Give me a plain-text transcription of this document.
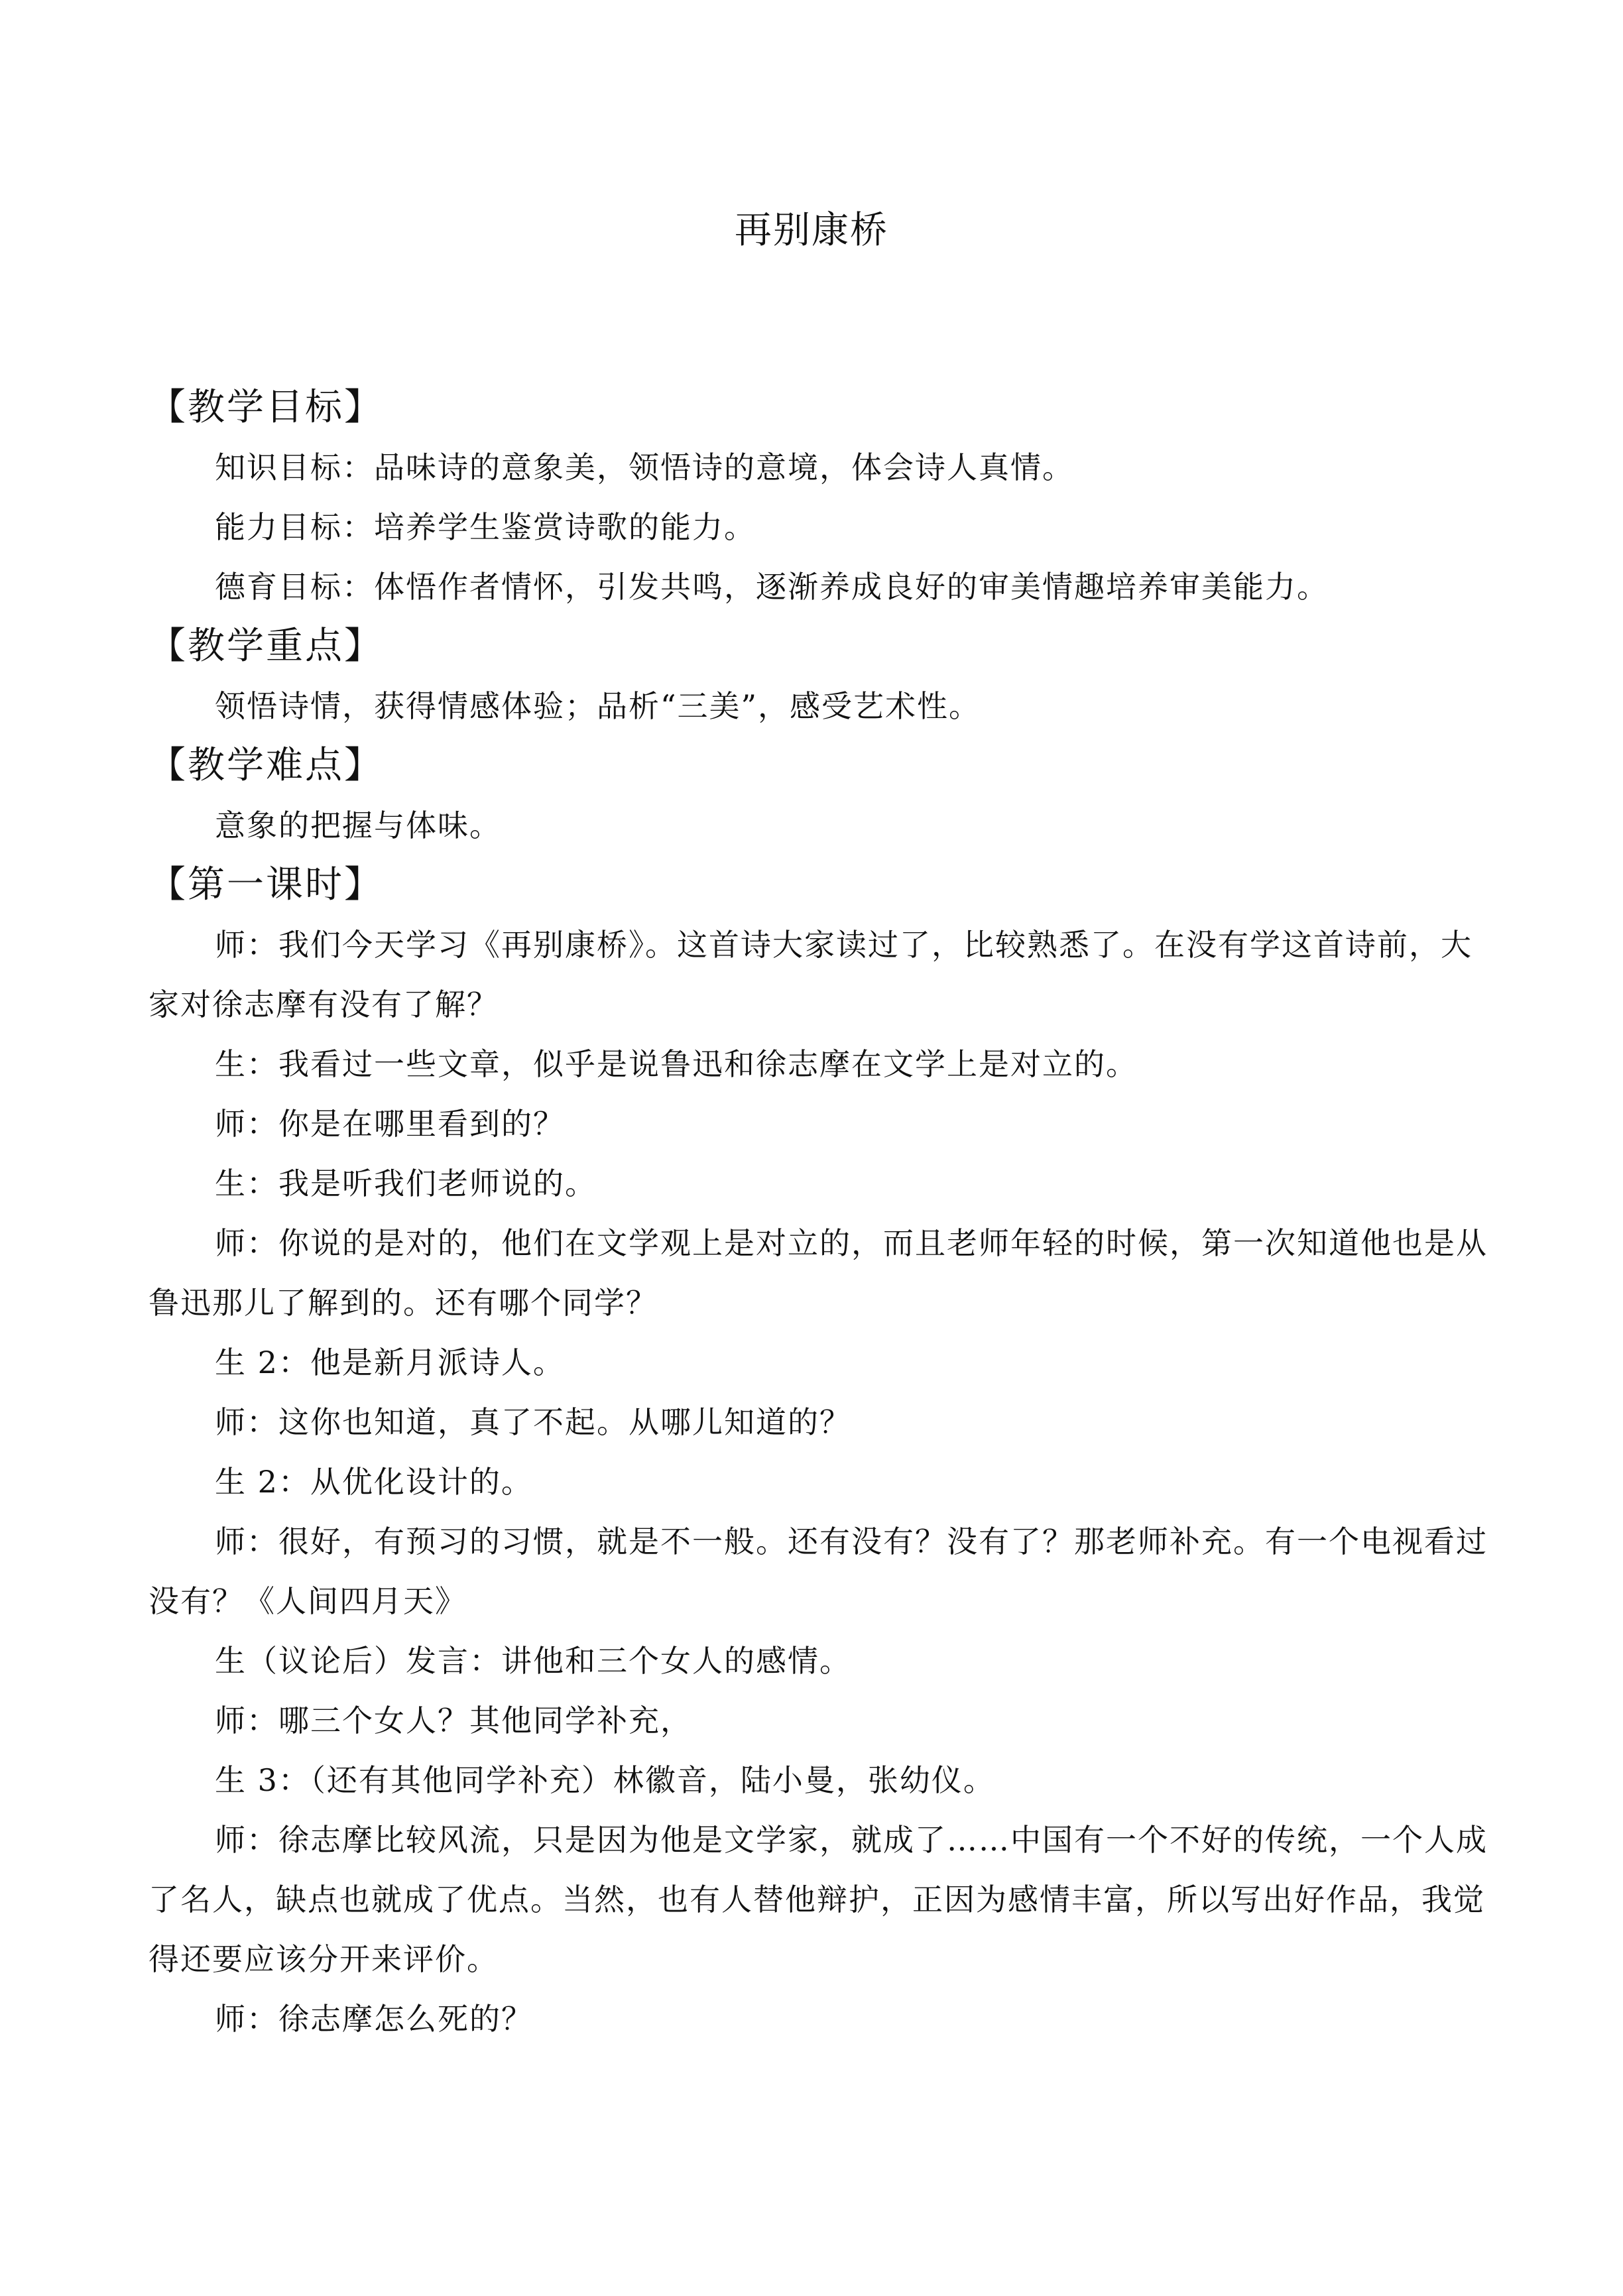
再别康桥

【教学目标】

知识目标：品味诗的意象美，领悟诗的意境，体会诗人真情。

能力目标：培养学生鉴赏诗歌的能力。

德育目标：体悟作者情怀，引发共鸣，逐渐养成良好的审美情趣培养审美能力。

【教学重点】

领悟诗情，获得情感体验；品析“三美”，感受艺术性。

【教学难点】

意象的把握与体味。

【第一课时】

师：我们今天学习《再别康桥》。这首诗大家读过了，比较熟悉了。在没有学这首诗前，大家对徐志摩有没有了解？

生：我看过一些文章，似乎是说鲁迅和徐志摩在文学上是对立的。

师：你是在哪里看到的？

生：我是听我们老师说的。

师：你说的是对的，他们在文学观上是对立的，而且老师年轻的时候，第一次知道他也是从鲁迅那儿了解到的。还有哪个同学？

生 2：他是新月派诗人。

师：这你也知道，真了不起。从哪儿知道的？

生 2：从优化设计的。

师：很好，有预习的习惯，就是不一般。还有没有？没有了？那老师补充。有一个电视看过没有？《人间四月天》

生（议论后）发言：讲他和三个女人的感情。

师：哪三个女人？其他同学补充，

生 3：（还有其他同学补充）林徽音，陆小曼，张幼仪。

师：徐志摩比较风流，只是因为他是文学家，就成了……中国有一个不好的传统，一个人成了名人，缺点也就成了优点。当然，也有人替他辩护，正因为感情丰富，所以写出好作品，我觉得还要应该分开来评价。

师：徐志摩怎么死的？
